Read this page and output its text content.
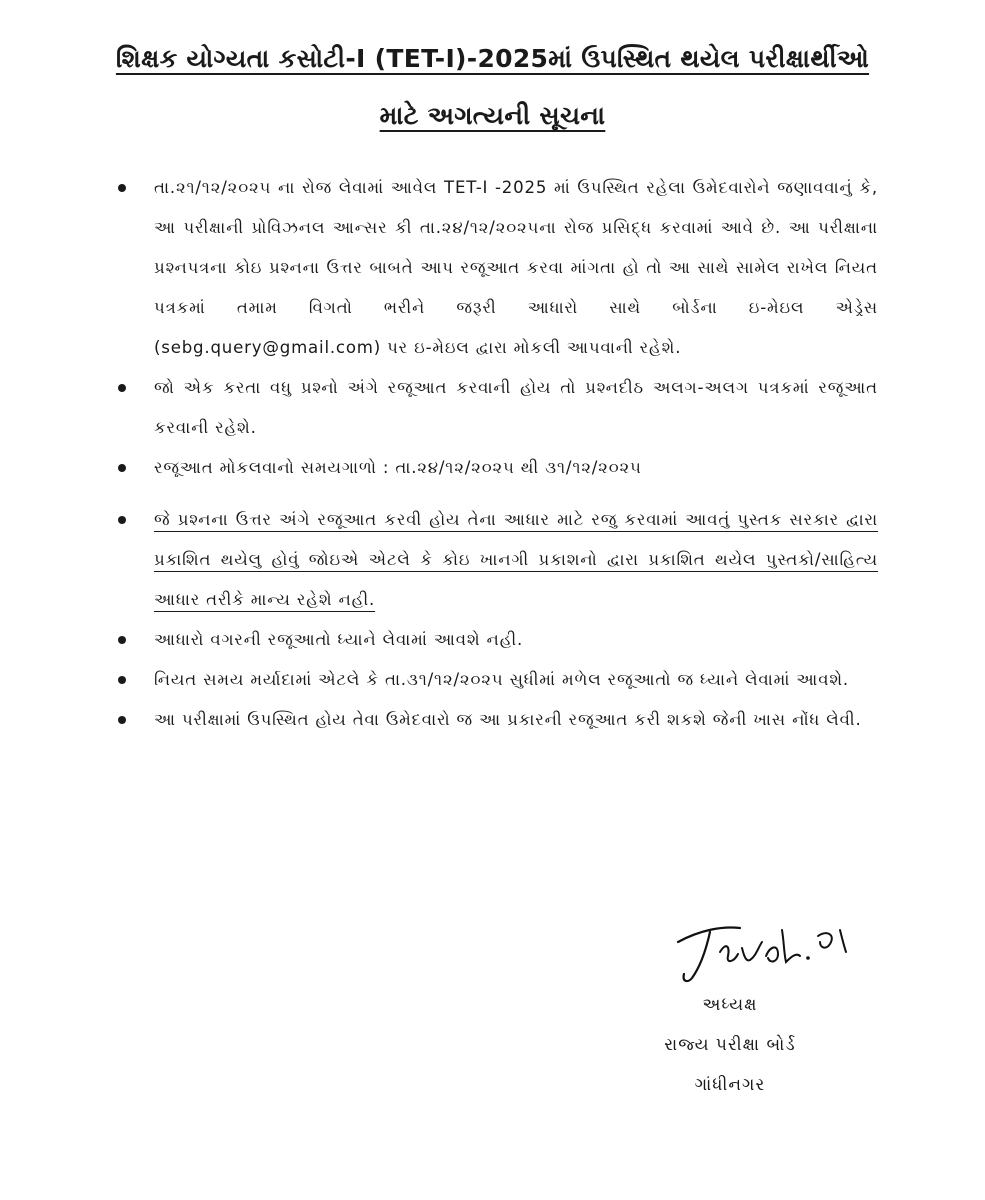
શિક્ષક યોગ્યતા કસોટી-I (TET-I)-2025માં ઉપસ્થિત થયેલ પરીક્ષાર્થીઓ
માટે અગત્યની સૂચના
તા.૨૧/૧૨/૨૦૨૫ ના રોજ લેવામાં આવેલ TET-I -2025 માં ઉપસ્થિત રહેલા ઉમેદવારોને જણાવવાનું કે, આ પરીક્ષાની પ્રોવિઝનલ આન્સર કી તા.૨૪/૧૨/૨૦૨૫ના રોજ પ્રસિદ્ધ કરવામાં આવે છે. આ પરીક્ષાના પ્રશ્નપત્રના કોઇ પ્રશ્નના ઉત્તર બાબતે આપ રજૂઆત કરવા માંગતા હો તો આ સાથે સામેલ રાખેલ નિયત પત્રકમાં તમામ વિગતો ભરીને જરૂરી આધારો સાથે બોર્ડના ઇ-મેઇલ એડ્રેસ (sebg.query@gmail.com) પર ઇ-મેઇલ દ્વારા મોકલી આપવાની રહેશે.
જો એક કરતા વધુ પ્રશ્નો અંગે રજૂઆત કરવાની હોય તો પ્રશ્નદીઠ અલગ-અલગ પત્રકમાં રજૂઆત કરવાની રહેશે.
રજૂઆત મોકલવાનો સમયગાળો : તા.૨૪/૧૨/૨૦૨૫ થી ૩૧/૧૨/૨૦૨૫
જે પ્રશ્નના ઉત્તર અંગે રજૂઆત કરવી હોય તેના આધાર માટે રજુ કરવામાં આવતું પુસ્તક સરકાર દ્વારા પ્રકાશિત થયેલુ હોવું જોઇએ એટલે કે કોઇ ખાનગી પ્રકાશનો દ્વારા પ્રકાશિત થયેલ પુસ્તકો/સાહિત્ય આધાર તરીકે માન્ય રહેશે નહી.
આધારો વગરની રજૂઆતો ધ્યાને લેવામાં આવશે નહી.
નિયત સમય મર્યાદામાં એટલે કે તા.૩૧/૧૨/૨૦૨૫ સુધીમાં મળેલ રજૂઆતો જ ધ્યાને લેવામાં આવશે.
આ પરીક્ષામાં ઉપસ્થિત હોય તેવા ઉમેદવારો જ આ પ્રકારની રજૂઆત કરી શકશે જેની ખાસ નોંધ લેવી.
અધ્યક્ષ
રાજ્ય પરીક્ષા બોર્ડ
ગાંધીનગર
